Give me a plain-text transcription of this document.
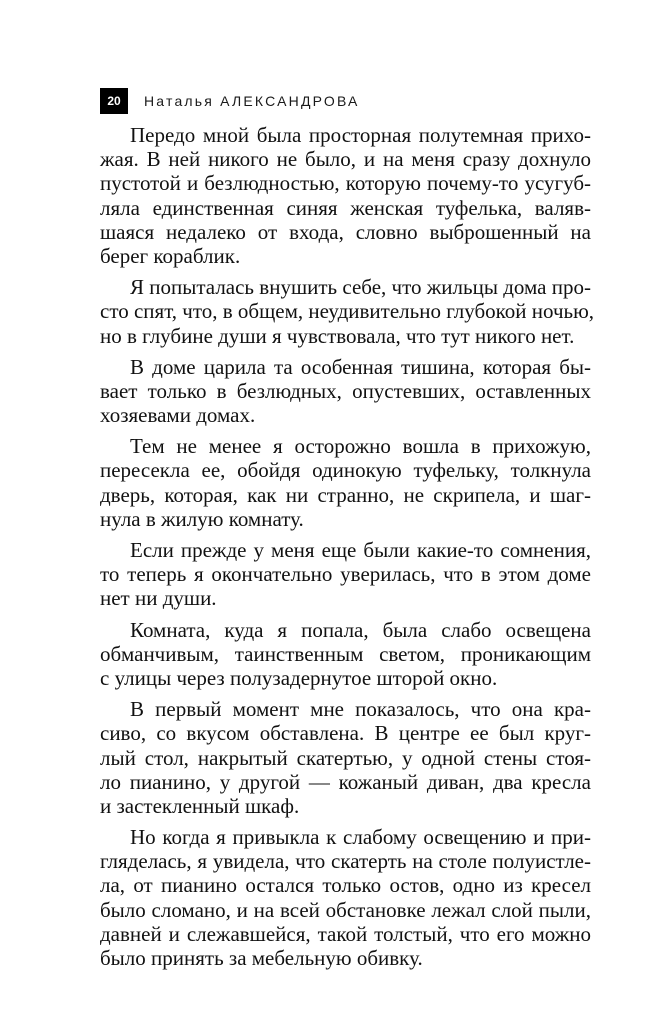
20	Наталья АЛЕКСАНДРОВА
Передо мной была просторная полутемная прихо-
жая. В ней никого не было, и на меня сразу дохнуло
пустотой и безлюдностью, которую почему-то усугуб-
ляла единственная синяя женская туфелька, валяв-
шаяся недалеко от входа, словно выброшенный на
берег кораблик.
Я попыталась внушить себе, что жильцы дома про-
сто спят, что, в общем, неудивительно глубокой ночью,
но в глубине души я чувствовала, что тут никого нет.
В доме царила та особенная тишина, которая бы-
вает только в безлюдных, опустевших, оставленных
хозяевами домах.
Тем не менее я осторожно вошла в прихожую,
пересекла ее, обойдя одинокую туфельку, толкнула
дверь, которая, как ни странно, не скрипела, и шаг-
нула в жилую комнату.
Если прежде у меня еще были какие-то сомнения,
то теперь я окончательно уверилась, что в этом доме
нет ни души.
Комната, куда я попала, была слабо освещена
обманчивым, таинственным светом, проникающим
с улицы через полузадернутое шторой окно.
В первый момент мне показалось, что она кра-
сиво, со вкусом обставлена. В центре ее был круг-
лый стол, накрытый скатертью, у одной стены стоя-
ло пианино, у другой — кожаный диван, два кресла
и застекленный шкаф.
Но когда я привыкла к слабому освещению и при-
гляделась, я увидела, что скатерть на столе полуистле-
ла, от пианино остался только остов, одно из кресел
было сломано, и на всей обстановке лежал слой пыли,
давней и слежавшейся, такой толстый, что его можно
было принять за мебельную обивку.
